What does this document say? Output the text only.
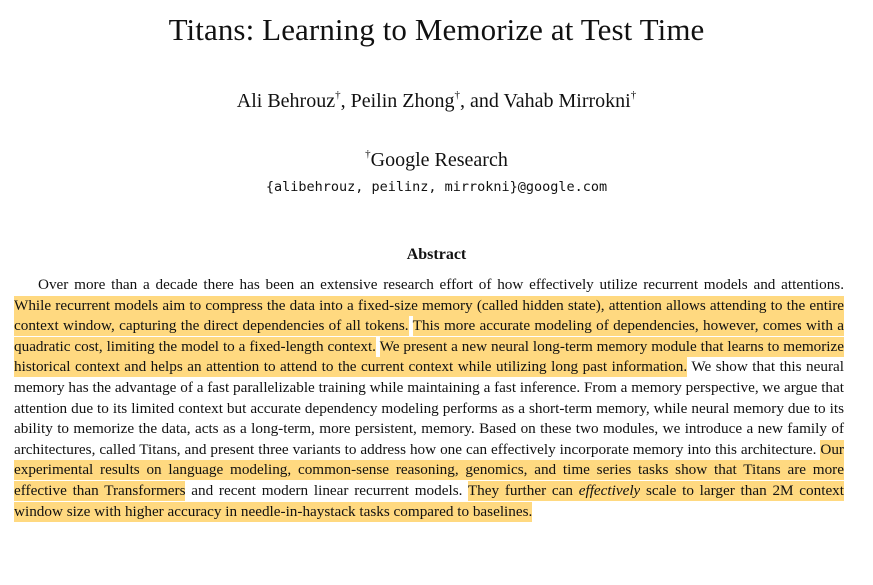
Titans: Learning to Memorize at Test Time
Ali Behrouz†, Peilin Zhong†, and Vahab Mirrokni†
†Google Research
{alibehrouz, peilinz, mirrokni}@google.com
Abstract

Over more than a decade there has been an extensive research effort of how effectively utilize recurrent models and attentions. While recurrent models aim to compress the data into a fixed-size memory (called hidden state), attention allows attending to the entire context window, capturing the direct dependencies of all tokens. This more accurate modeling of dependencies, however, comes with a quadratic cost, limiting the model to a fixed-length context. We present a new neural long-term memory module that learns to memorize historical context and helps an attention to attend to the current context while utilizing long past information. We show that this neural memory has the advantage of a fast parallelizable training while maintaining a fast inference. From a memory perspective, we argue that attention due to its limited context but accurate dependency modeling performs as a short-term memory, while neural memory due to its ability to memorize the data, acts as a long-term, more persistent, memory. Based on these two modules, we introduce a new family of architectures, called Titans, and present three variants to address how one can effectively incorporate memory into this architecture. Our experimental results on language modeling, common-sense reasoning, genomics, and time series tasks show that Titans are more effective than Transformers and recent modern linear recurrent models. They further can effectively scale to larger than 2M context window size with higher accuracy in needle-in-haystack tasks compared to baselines.
